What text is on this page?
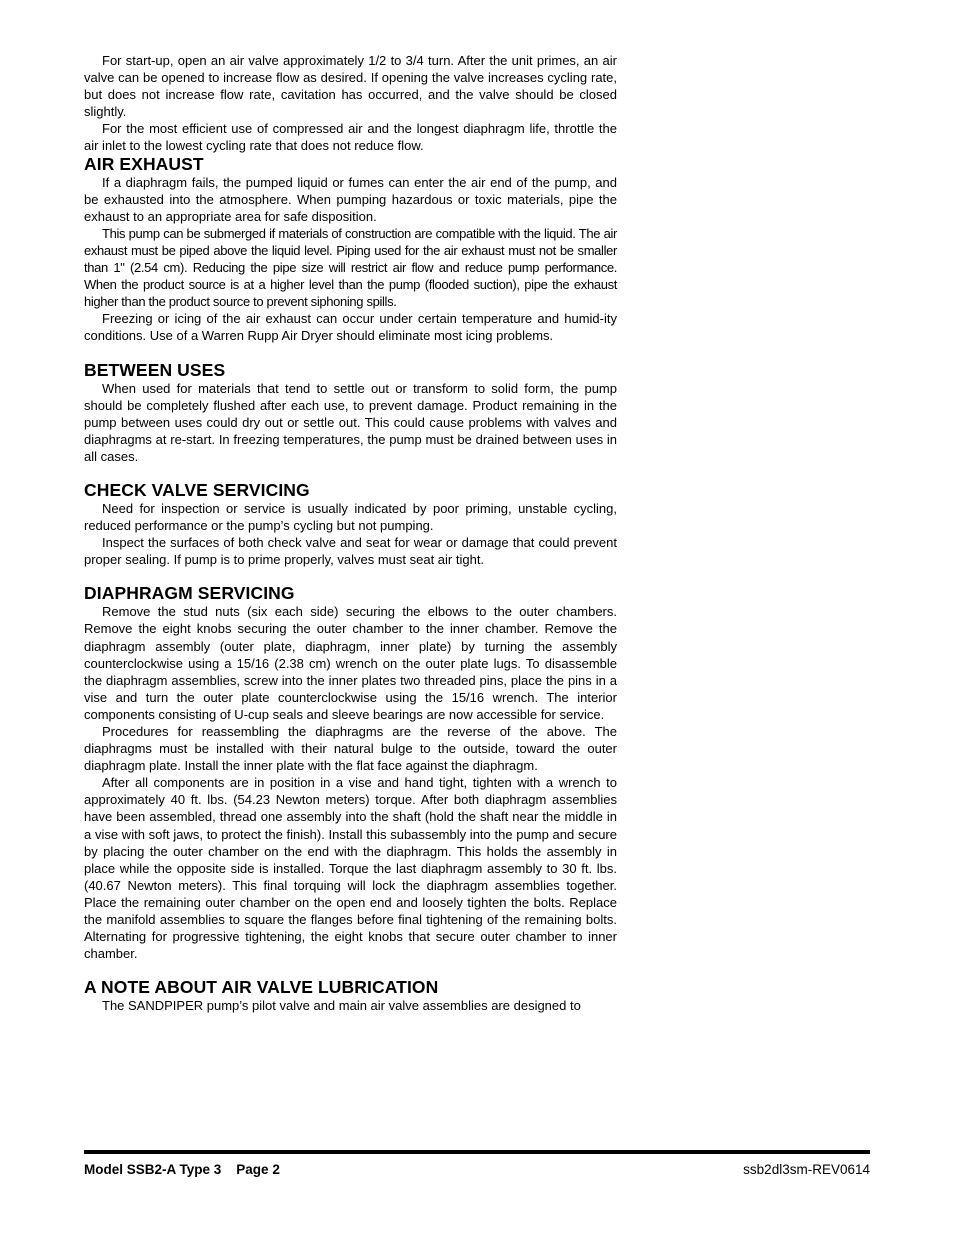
For start-up, open an air valve approximately 1/2 to 3/4 turn. After the unit primes, an air valve can be opened to increase flow as desired. If opening the valve increases cycling rate, but does not increase flow rate, cavitation has occurred, and the valve should be closed slightly.

For the most efficient use of compressed air and the longest diaphragm life, throttle the air inlet to the lowest cycling rate that does not reduce flow.

AIR EXHAUST

If a diaphragm fails, the pumped liquid or fumes can enter the air end of the pump, and be exhausted into the atmosphere. When pumping hazardous or toxic materials, pipe the exhaust to an appropriate area for safe disposition.

This pump can be submerged if materials of construction are compatible with the liquid. The air exhaust must be piped above the liquid level. Piping used for the air exhaust must not be smaller than 1" (2.54 cm). Reducing the pipe size will restrict air flow and reduce pump performance. When the product source is at a higher level than the pump (flooded suction), pipe the exhaust higher than the product source to prevent siphoning spills.

Freezing or icing of the air exhaust can occur under certain temperature and humid-ity conditions. Use of a Warren Rupp Air Dryer should eliminate most icing problems.

BETWEEN USES

When used for materials that tend to settle out or transform to solid form, the pump should be completely flushed after each use, to prevent damage. Product remaining in the pump between uses could dry out or settle out. This could cause problems with valves and diaphragms at re-start. In freezing temperatures, the pump must be drained between uses in all cases.

CHECK VALVE SERVICING

Need for inspection or service is usually indicated by poor priming, unstable cycling, reduced performance or the pump’s cycling but not pumping.

Inspect the surfaces of both check valve and seat for wear or damage that could prevent proper sealing. If pump is to prime properly, valves must seat air tight.

DIAPHRAGM SERVICING

Remove the stud nuts (six each side) securing the elbows to the outer chambers. Remove the eight knobs securing the outer chamber to the inner chamber. Remove the diaphragm assembly (outer plate, diaphragm, inner plate) by turning the assembly counterclockwise using a 15/16 (2.38 cm) wrench on the outer plate lugs. To disassemble the diaphragm assemblies, screw into the inner plates two threaded pins, place the pins in a vise and turn the outer plate counterclockwise using the 15/16 wrench. The interior components consisting of U-cup seals and sleeve bearings are now accessible for service.

Procedures for reassembling the diaphragms are the reverse of the above. The diaphragms must be installed with their natural bulge to the outside, toward the outer diaphragm plate. Install the inner plate with the flat face against the diaphragm.

After all components are in position in a vise and hand tight, tighten with a wrench to approximately 40 ft. lbs. (54.23 Newton meters) torque. After both diaphragm assemblies have been assembled, thread one assembly into the shaft (hold the shaft near the middle in a vise with soft jaws, to protect the finish). Install this subassembly into the pump and secure by placing the outer chamber on the end with the diaphragm. This holds the assembly in place while the opposite side is installed. Torque the last diaphragm assembly to 30 ft. lbs. (40.67 Newton meters). This final torquing will lock the diaphragm assemblies together. Place the remaining outer chamber on the open end and loosely tighten the bolts. Replace the manifold assemblies to square the flanges before final tightening of the remaining bolts. Alternating for progressive tightening, the eight knobs that secure outer chamber to inner chamber.

A NOTE ABOUT AIR VALVE LUBRICATION

The SANDPIPER pump’s pilot valve and main air valve assemblies are designed to

Model SSB2-A Type 3 Page 2	ssb2dl3sm-REV0614
